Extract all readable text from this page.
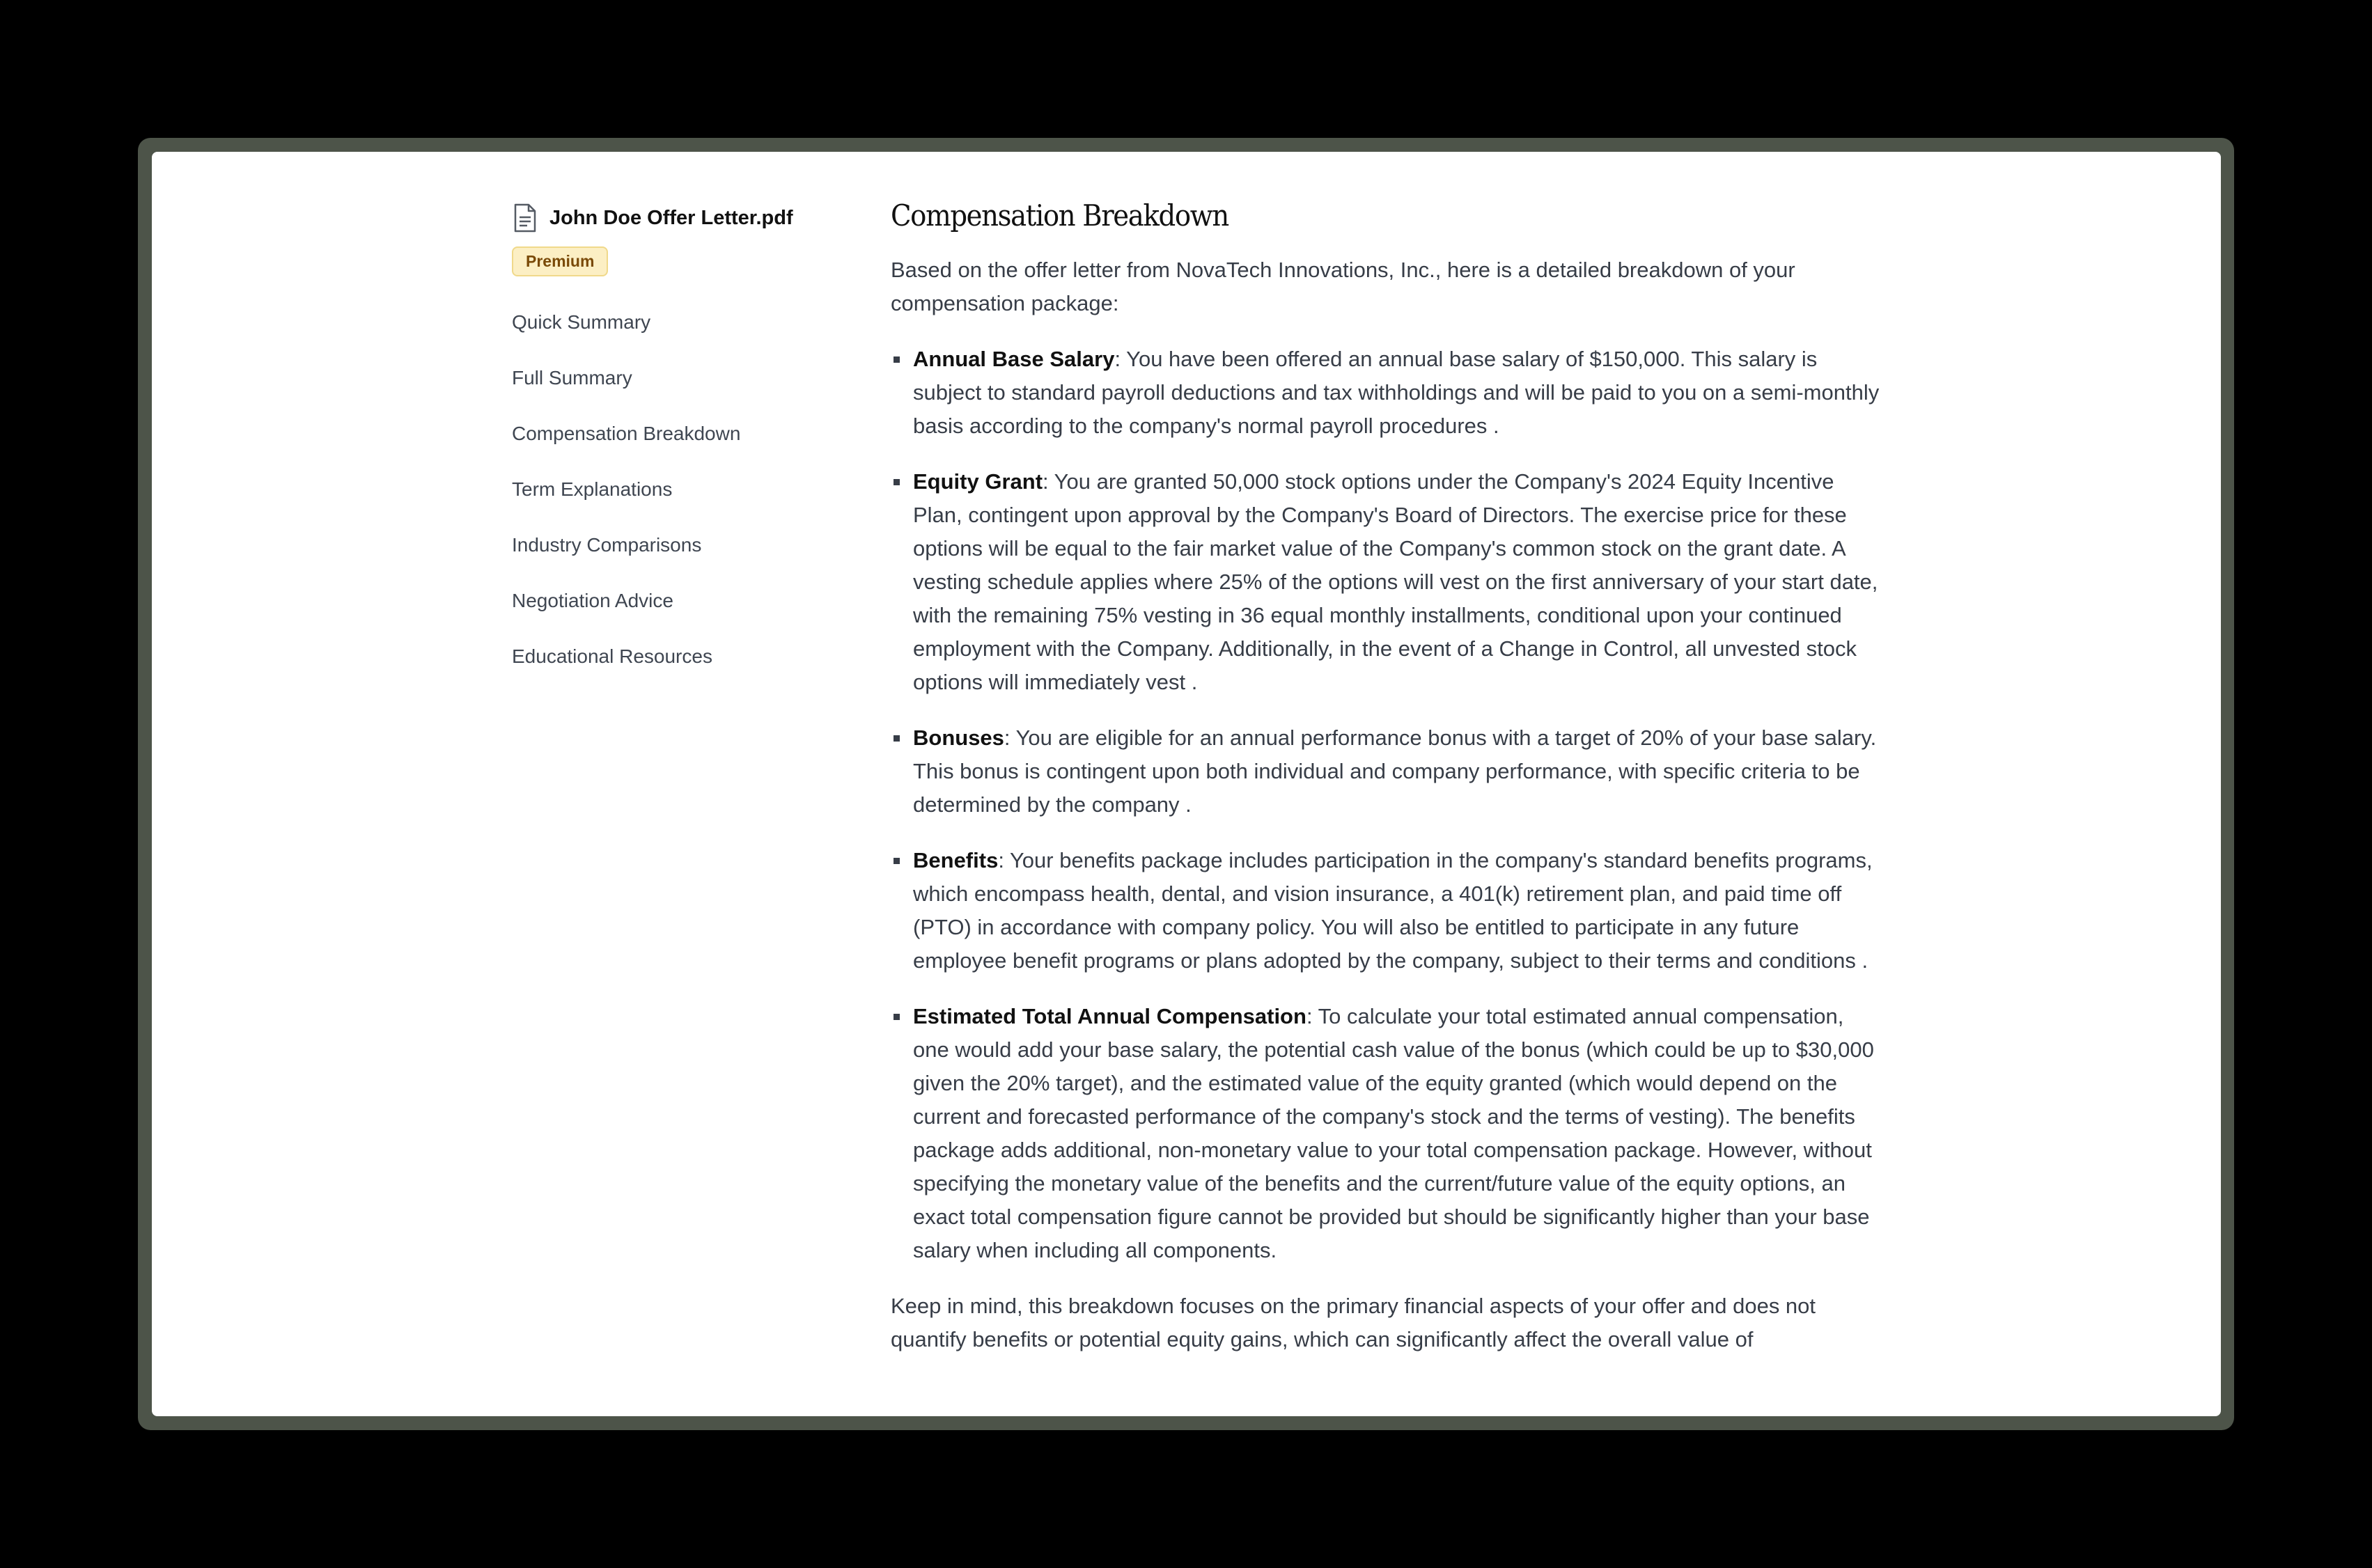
John Doe Offer Letter.pdf
Premium
Quick Summary
Full Summary
Compensation Breakdown
Term Explanations
Industry Comparisons
Negotiation Advice
Educational Resources
Compensation Breakdown

Based on the offer letter from NovaTech Innovations, Inc., here is a detailed breakdown of your compensation package:

Annual Base Salary: You have been offered an annual base salary of $150,000. This salary is subject to standard payroll deductions and tax withholdings and will be paid to you on a semi-monthly basis according to the company's normal payroll procedures .
Equity Grant: You are granted 50,000 stock options under the Company's 2024 Equity Incentive Plan, contingent upon approval by the Company's Board of Directors. The exercise price for these options will be equal to the fair market value of the Company's common stock on the grant date. A vesting schedule applies where 25% of the options will vest on the first anniversary of your start date, with the remaining 75% vesting in 36 equal monthly installments, conditional upon your continued employment with the Company. Additionally, in the event of a Change in Control, all unvested stock options will immediately vest .
Bonuses: You are eligible for an annual performance bonus with a target of 20% of your base salary. This bonus is contingent upon both individual and company performance, with specific criteria to be determined by the company .
Benefits: Your benefits package includes participation in the company's standard benefits programs, which encompass health, dental, and vision insurance, a 401(k) retirement plan, and paid time off (PTO) in accordance with company policy. You will also be entitled to participate in any future employee benefit programs or plans adopted by the company, subject to their terms and conditions .
Estimated Total Annual Compensation: To calculate your total estimated annual compensation, one would add your base salary, the potential cash value of the bonus (which could be up to $30,000 given the 20% target), and the estimated value of the equity granted (which would depend on the current and forecasted performance of the company's stock and the terms of vesting). The benefits package adds additional, non-monetary value to your total compensation package. However, without specifying the monetary value of the benefits and the current/future value of the equity options, an exact total compensation figure cannot be provided but should be significantly higher than your base salary when including all components.

Keep in mind, this breakdown focuses on the primary financial aspects of your offer and does not quantify benefits or potential equity gains, which can significantly affect the overall value of
